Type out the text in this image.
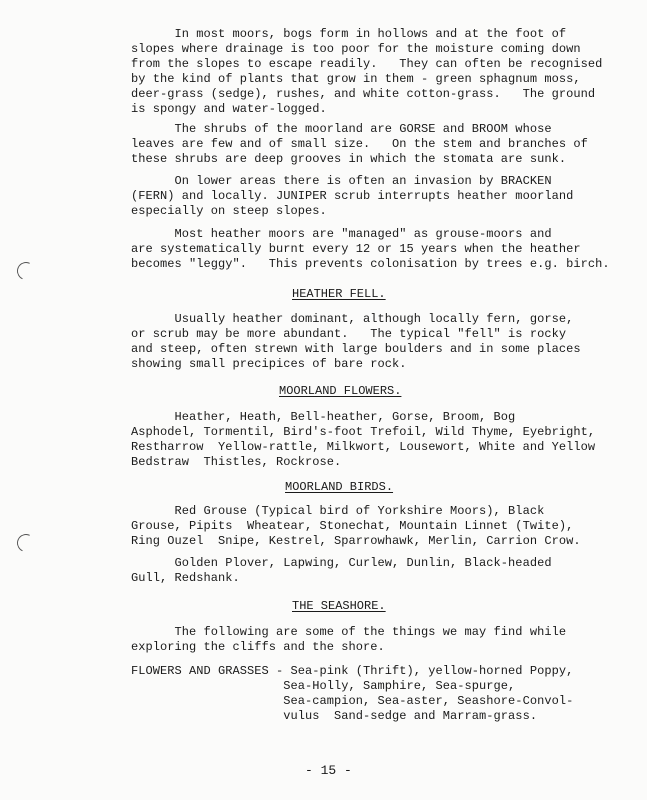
In most moors, bogs form in hollows and at the foot of
slopes where drainage is too poor for the moisture coming down
from the slopes to escape readily.   They can often be recognised
by the kind of plants that grow in them - green sphagnum moss,
deer-grass (sedge), rushes, and white cotton-grass.   The ground
is spongy and water-logged.
The shrubs of the moorland are GORSE and BROOM whose
leaves are few and of small size.   On the stem and branches of
these shrubs are deep grooves in which the stomata are sunk.
On lower areas there is often an invasion by BRACKEN
(FERN) and locally. JUNIPER scrub interrupts heather moorland
especially on steep slopes.
Most heather moors are "managed" as grouse-moors and
are systematically burnt every 12 or 15 years when the heather
becomes "leggy".   This prevents colonisation by trees e.g. birch.
HEATHER FELL.
Usually heather dominant, although locally fern, gorse,
or scrub may be more abundant.   The typical "fell" is rocky
and steep, often strewn with large boulders and in some places
showing small precipices of bare rock.
MOORLAND FLOWERS.
Heather, Heath, Bell-heather, Gorse, Broom, Bog
Asphodel, Tormentil, Bird's-foot Trefoil, Wild Thyme, Eyebright,
Restharrow  Yellow-rattle, Milkwort, Lousewort, White and Yellow
Bedstraw  Thistles, Rockrose.
MOORLAND BIRDS.
Red Grouse (Typical bird of Yorkshire Moors), Black
Grouse, Pipits  Wheatear, Stonechat, Mountain Linnet (Twite),
Ring Ouzel  Snipe, Kestrel, Sparrowhawk, Merlin, Carrion Crow.
Golden Plover, Lapwing, Curlew, Dunlin, Black-headed
Gull, Redshank.
THE SEASHORE.
The following are some of the things we may find while
exploring the cliffs and the shore.
FLOWERS AND GRASSES - Sea-pink (Thrift), yellow-horned Poppy,
Sea-Holly, Samphire, Sea-spurge,
Sea-campion, Sea-aster, Seashore-Convol-
vulus  Sand-sedge and Marram-grass.
- 15 -
